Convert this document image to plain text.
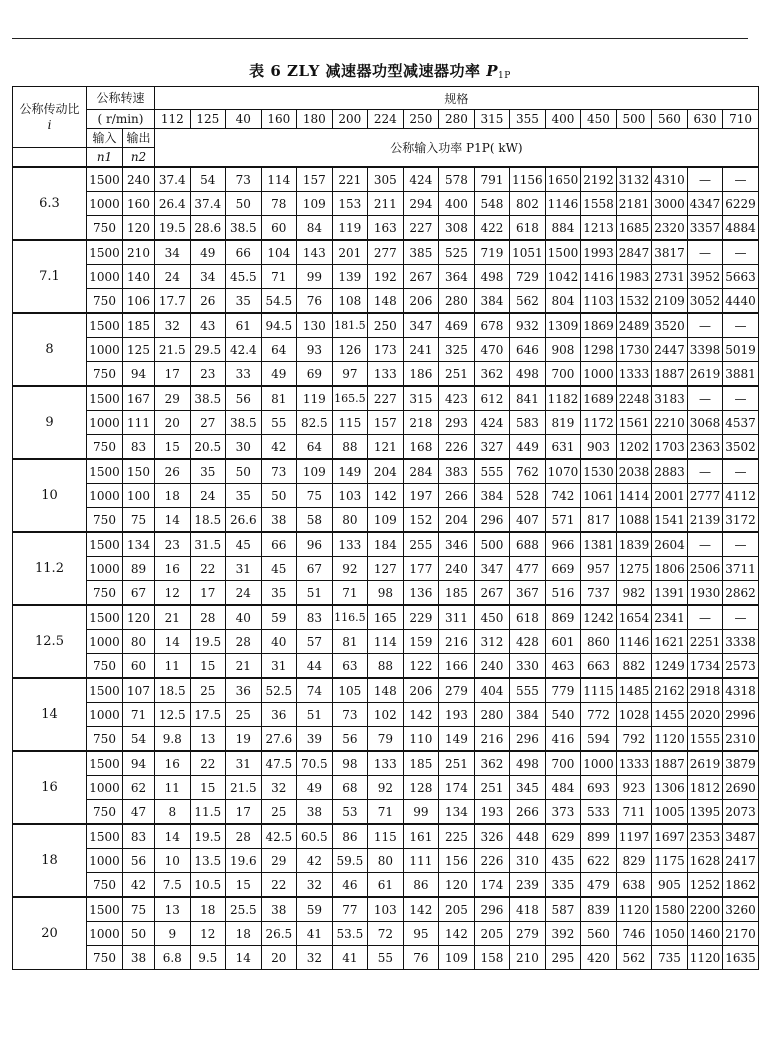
表 6 ZLY 减速器功型减速器功率 $P_{1P}$
公称传动比
i	公称转速		规格																
	( r/min)		112	125	40	160	180	200	224	250	280	315	355	400	450	500	560	630	710
	输入	输出	公称输入功率 P1P( kW)																
	n1	n2																	
6.3	1500	240	37.4	54	73	114	157	221	305	424	578	791	1156	1650	2192	3132	4310	—	—
	1000	160	26.4	37.4	50	78	109	153	211	294	400	548	802	1146	1558	2181	3000	4347	6229
	750	120	19.5	28.6	38.5	60	84	119	163	227	308	422	618	884	1213	1685	2320	3357	4884
7.1	1500	210	34	49	66	104	143	201	277	385	525	719	1051	1500	1993	2847	3817	—	—
	1000	140	24	34	45.5	71	99	139	192	267	364	498	729	1042	1416	1983	2731	3952	5663
	750	106	17.7	26	35	54.5	76	108	148	206	280	384	562	804	1103	1532	2109	3052	4440
8	1500	185	32	43	61	94.5	130	181.5	250	347	469	678	932	1309	1869	2489	3520	—	—
	1000	125	21.5	29.5	42.4	64	93	126	173	241	325	470	646	908	1298	1730	2447	3398	5019
	750	94	17	23	33	49	69	97	133	186	251	362	498	700	1000	1333	1887	2619	3881
9	1500	167	29	38.5	56	81	119	165.5	227	315	423	612	841	1182	1689	2248	3183	—	—
	1000	111	20	27	38.5	55	82.5	115	157	218	293	424	583	819	1172	1561	2210	3068	4537
	750	83	15	20.5	30	42	64	88	121	168	226	327	449	631	903	1202	1703	2363	3502
10	1500	150	26	35	50	73	109	149	204	284	383	555	762	1070	1530	2038	2883	—	—
	1000	100	18	24	35	50	75	103	142	197	266	384	528	742	1061	1414	2001	2777	4112
	750	75	14	18.5	26.6	38	58	80	109	152	204	296	407	571	817	1088	1541	2139	3172
11.2	1500	134	23	31.5	45	66	96	133	184	255	346	500	688	966	1381	1839	2604	—	—
	1000	89	16	22	31	45	67	92	127	177	240	347	477	669	957	1275	1806	2506	3711
	750	67	12	17	24	35	51	71	98	136	185	267	367	516	737	982	1391	1930	2862
12.5	1500	120	21	28	40	59	83	116.5	165	229	311	450	618	869	1242	1654	2341	—	—
	1000	80	14	19.5	28	40	57	81	114	159	216	312	428	601	860	1146	1621	2251	3338
	750	60	11	15	21	31	44	63	88	122	166	240	330	463	663	882	1249	1734	2573
14	1500	107	18.5	25	36	52.5	74	105	148	206	279	404	555	779	1115	1485	2162	2918	4318
	1000	71	12.5	17.5	25	36	51	73	102	142	193	280	384	540	772	1028	1455	2020	2996
	750	54	9.8	13	19	27.6	39	56	79	110	149	216	296	416	594	792	1120	1555	2310
16	1500	94	16	22	31	47.5	70.5	98	133	185	251	362	498	700	1000	1333	1887	2619	3879
	1000	62	11	15	21.5	32	49	68	92	128	174	251	345	484	693	923	1306	1812	2690
	750	47	8	11.5	17	25	38	53	71	99	134	193	266	373	533	711	1005	1395	2073
18	1500	83	14	19.5	28	42.5	60.5	86	115	161	225	326	448	629	899	1197	1697	2353	3487
	1000	56	10	13.5	19.6	29	42	59.5	80	111	156	226	310	435	622	829	1175	1628	2417
	750	42	7.5	10.5	15	22	32	46	61	86	120	174	239	335	479	638	905	1252	1862
20	1500	75	13	18	25.5	38	59	77	103	142	205	296	418	587	839	1120	1580	2200	3260
	1000	50	9	12	18	26.5	41	53.5	72	95	142	205	279	392	560	746	1050	1460	2170
	750	38	6.8	9.5	14	20	32	41	55	76	109	158	210	295	420	562	735	1120	1635
